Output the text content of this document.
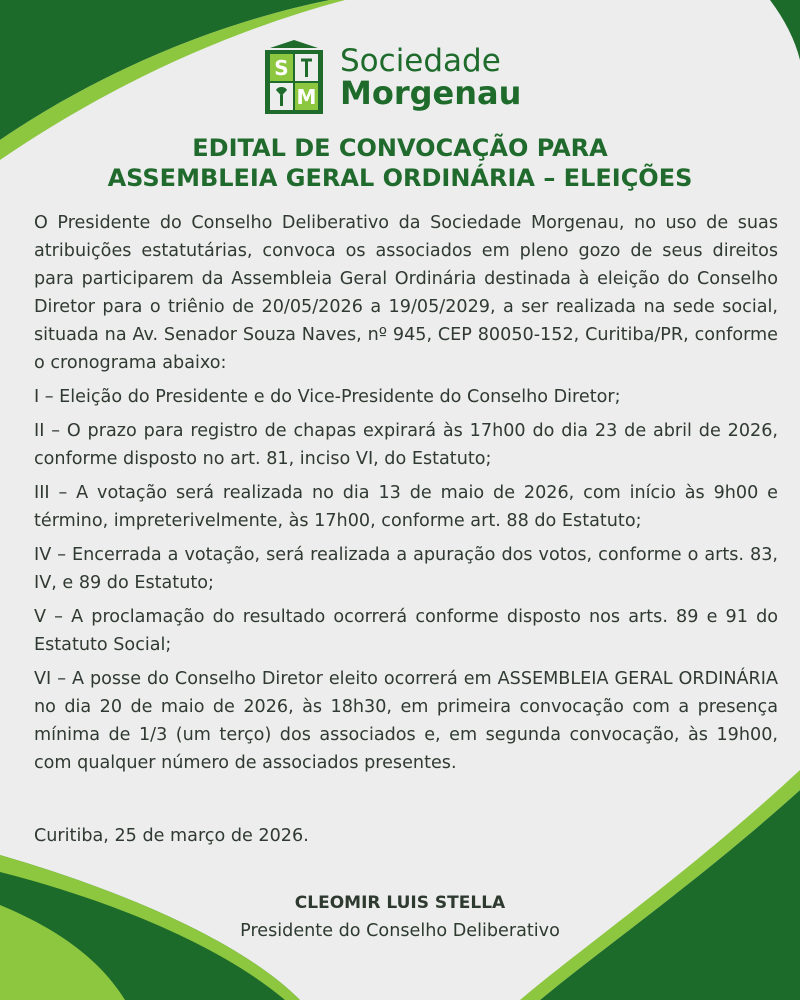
S
M
Sociedade
Morgenau
EDITAL DE CONVOCAÇÃO PARA
ASSEMBLEIA GERAL ORDINÁRIA – ELEIÇÕES

O Presidente do Conselho Deliberativo da Sociedade Morgenau, no uso de suas atribuições estatutárias, convoca os associados em pleno gozo de seus direitos para participarem da Assembleia Geral Ordinária destinada à eleição do Conselho Diretor para o triênio de 20/05/2026 a 19/05/2029, a ser realizada na sede social, situada na Av. Senador Souza Naves, nº 945, CEP 80050-152, Curitiba/PR, conforme o cronograma abaixo:

I – Eleição do Presidente e do Vice-Presidente do Conselho Diretor;

II – O prazo para registro de chapas expirará às 17h00 do dia 23 de abril de 2026, conforme disposto no art. 81, inciso VI, do Estatuto;

III – A votação será realizada no dia 13 de maio de 2026, com início às 9h00 e término, impreterivelmente, às 17h00, conforme art. 88 do Estatuto;

IV – Encerrada a votação, será realizada a apuração dos votos, conforme o arts. 83, IV, e 89 do Estatuto;

V – A proclamação do resultado ocorrerá conforme disposto nos arts. 89 e 91 do Estatuto Social;

VI – A posse do Conselho Diretor eleito ocorrerá em ASSEMBLEIA GERAL ORDINÁRIA no dia 20 de maio de 2026, às 18h30, em primeira convocação com a presença mínima de 1/3 (um terço) dos associados e, em segunda convocação, às 19h00, com qualquer número de associados presentes.

Curitiba, 25 de março de 2026.
CLEOMIR LUIS STELLA
Presidente do Conselho Deliberativo
